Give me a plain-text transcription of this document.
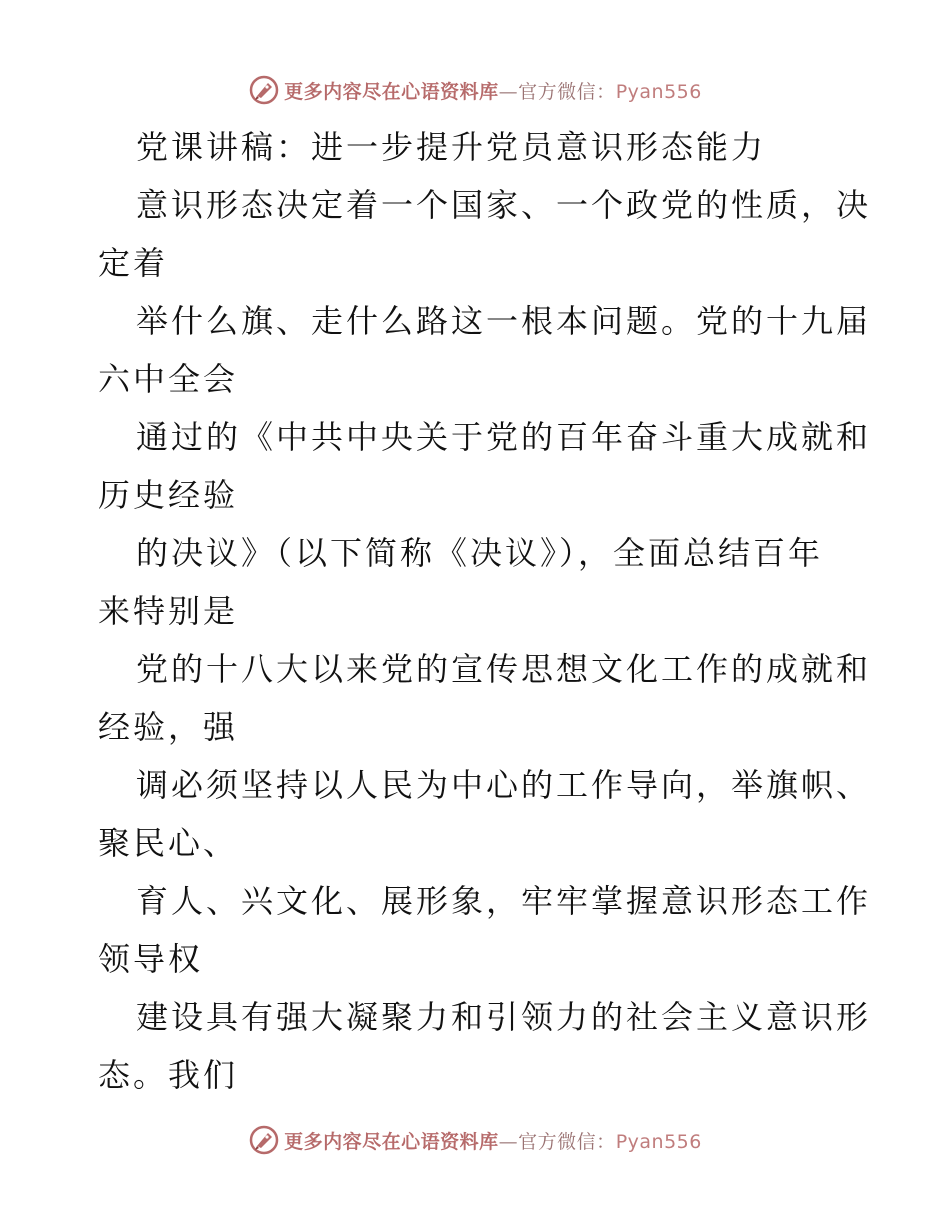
更多内容尽在心语资料库—官方微信：Pyan556
党课讲稿：进一步提升党员意识形态能力
意识形态决定着一个国家、一个政党的性质，决
定着
举什么旗、走什么路这一根本问题。党的十九届
六中全会
通过的《中共中央关于党的百年奋斗重大成就和
历史经验
的决议》（以下简称《决议》），全面总结百年
来特别是
党的十八大以来党的宣传思想文化工作的成就和
经验，强
调必须坚持以人民为中心的工作导向，举旗帜、
聚民心、
育人、兴文化、展形象，牢牢掌握意识形态工作
领导权
建设具有强大凝聚力和引领力的社会主义意识形
态。我们
更多内容尽在心语资料库—官方微信：Pyan556
